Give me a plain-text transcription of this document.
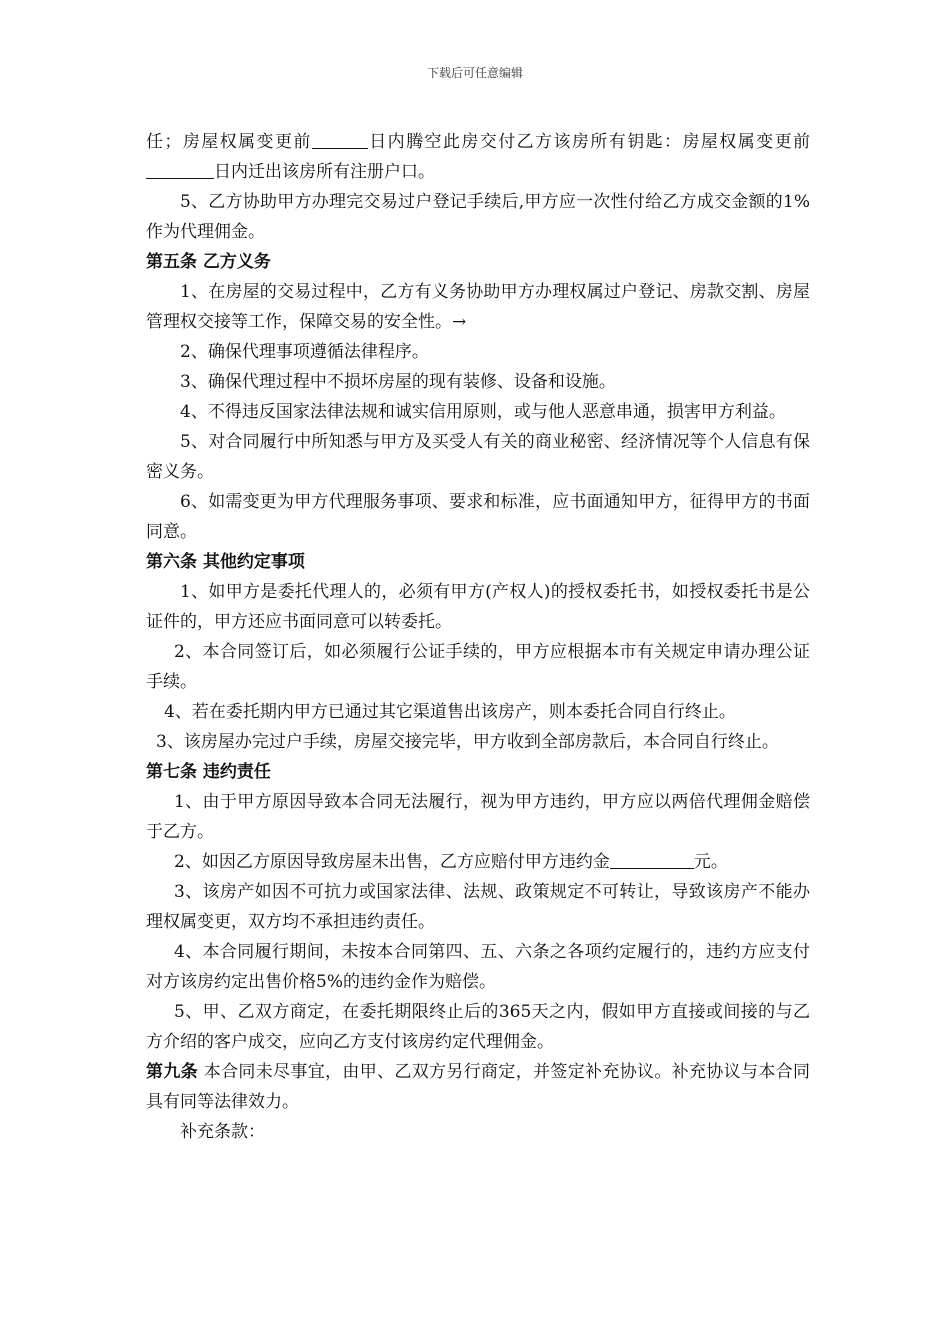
下载后可任意编辑

任；房屋权属变更前	日内腾空此房交付乙方该房所有钥匙：房屋权属变更前日内迁出该房所有注册户口。

5、乙方协助甲方办理完交易过户登记手续后,甲方应一次性付给乙方成交金额的1%作为代理佣金。

第五条 乙方义务

1、在房屋的交易过程中，乙方有义务协助甲方办理权属过户登记、房款交割、房屋管理权交接等工作，保障交易的安全性。→

2、确保代理事项遵循法律程序。

3、确保代理过程中不损坏房屋的现有装修、设备和设施。

4、不得违反国家法律法规和诚实信用原则，或与他人恶意串通，损害甲方利益。

5、对合同履行中所知悉与甲方及买受人有关的商业秘密、经济情况等个人信息有保密义务。

6、如需变更为甲方代理服务事项、要求和标准，应书面通知甲方，征得甲方的书面同意。

第六条 其他约定事项

1、如甲方是委托代理人的，必须有甲方(产权人)的授权委托书，如授权委托书是公证件的，甲方还应书面同意可以转委托。

2、本合同签订后，如必须履行公证手续的，甲方应根据本市有关规定申请办理公证手续。

4、若在委托期内甲方已通过其它渠道售出该房产，则本委托合同自行终止。

3、该房屋办完过户手续，房屋交接完毕，甲方收到全部房款后，本合同自行终止。

第七条 违约责任

1、由于甲方原因导致本合同无法履行，视为甲方违约，甲方应以两倍代理佣金赔偿于乙方。

2、如因乙方原因导致房屋未出售，乙方应赔付甲方违约金	元。

3、该房产如因不可抗力或国家法律、法规、政策规定不可转让，导致该房产不能办理权属变更，双方均不承担违约责任。

4、本合同履行期间，未按本合同第四、五、六条之各项约定履行的，违约方应支付对方该房约定出售价格5%的违约金作为赔偿。

5、甲、乙双方商定，在委托期限终止后的365天之内，假如甲方直接或间接的与乙方介绍的客户成交，应向乙方支付该房约定代理佣金。

第九条 本合同未尽事宜，由甲、乙双方另行商定，并签定补充协议。补充协议与本合同具有同等法律效力。

补充条款：
